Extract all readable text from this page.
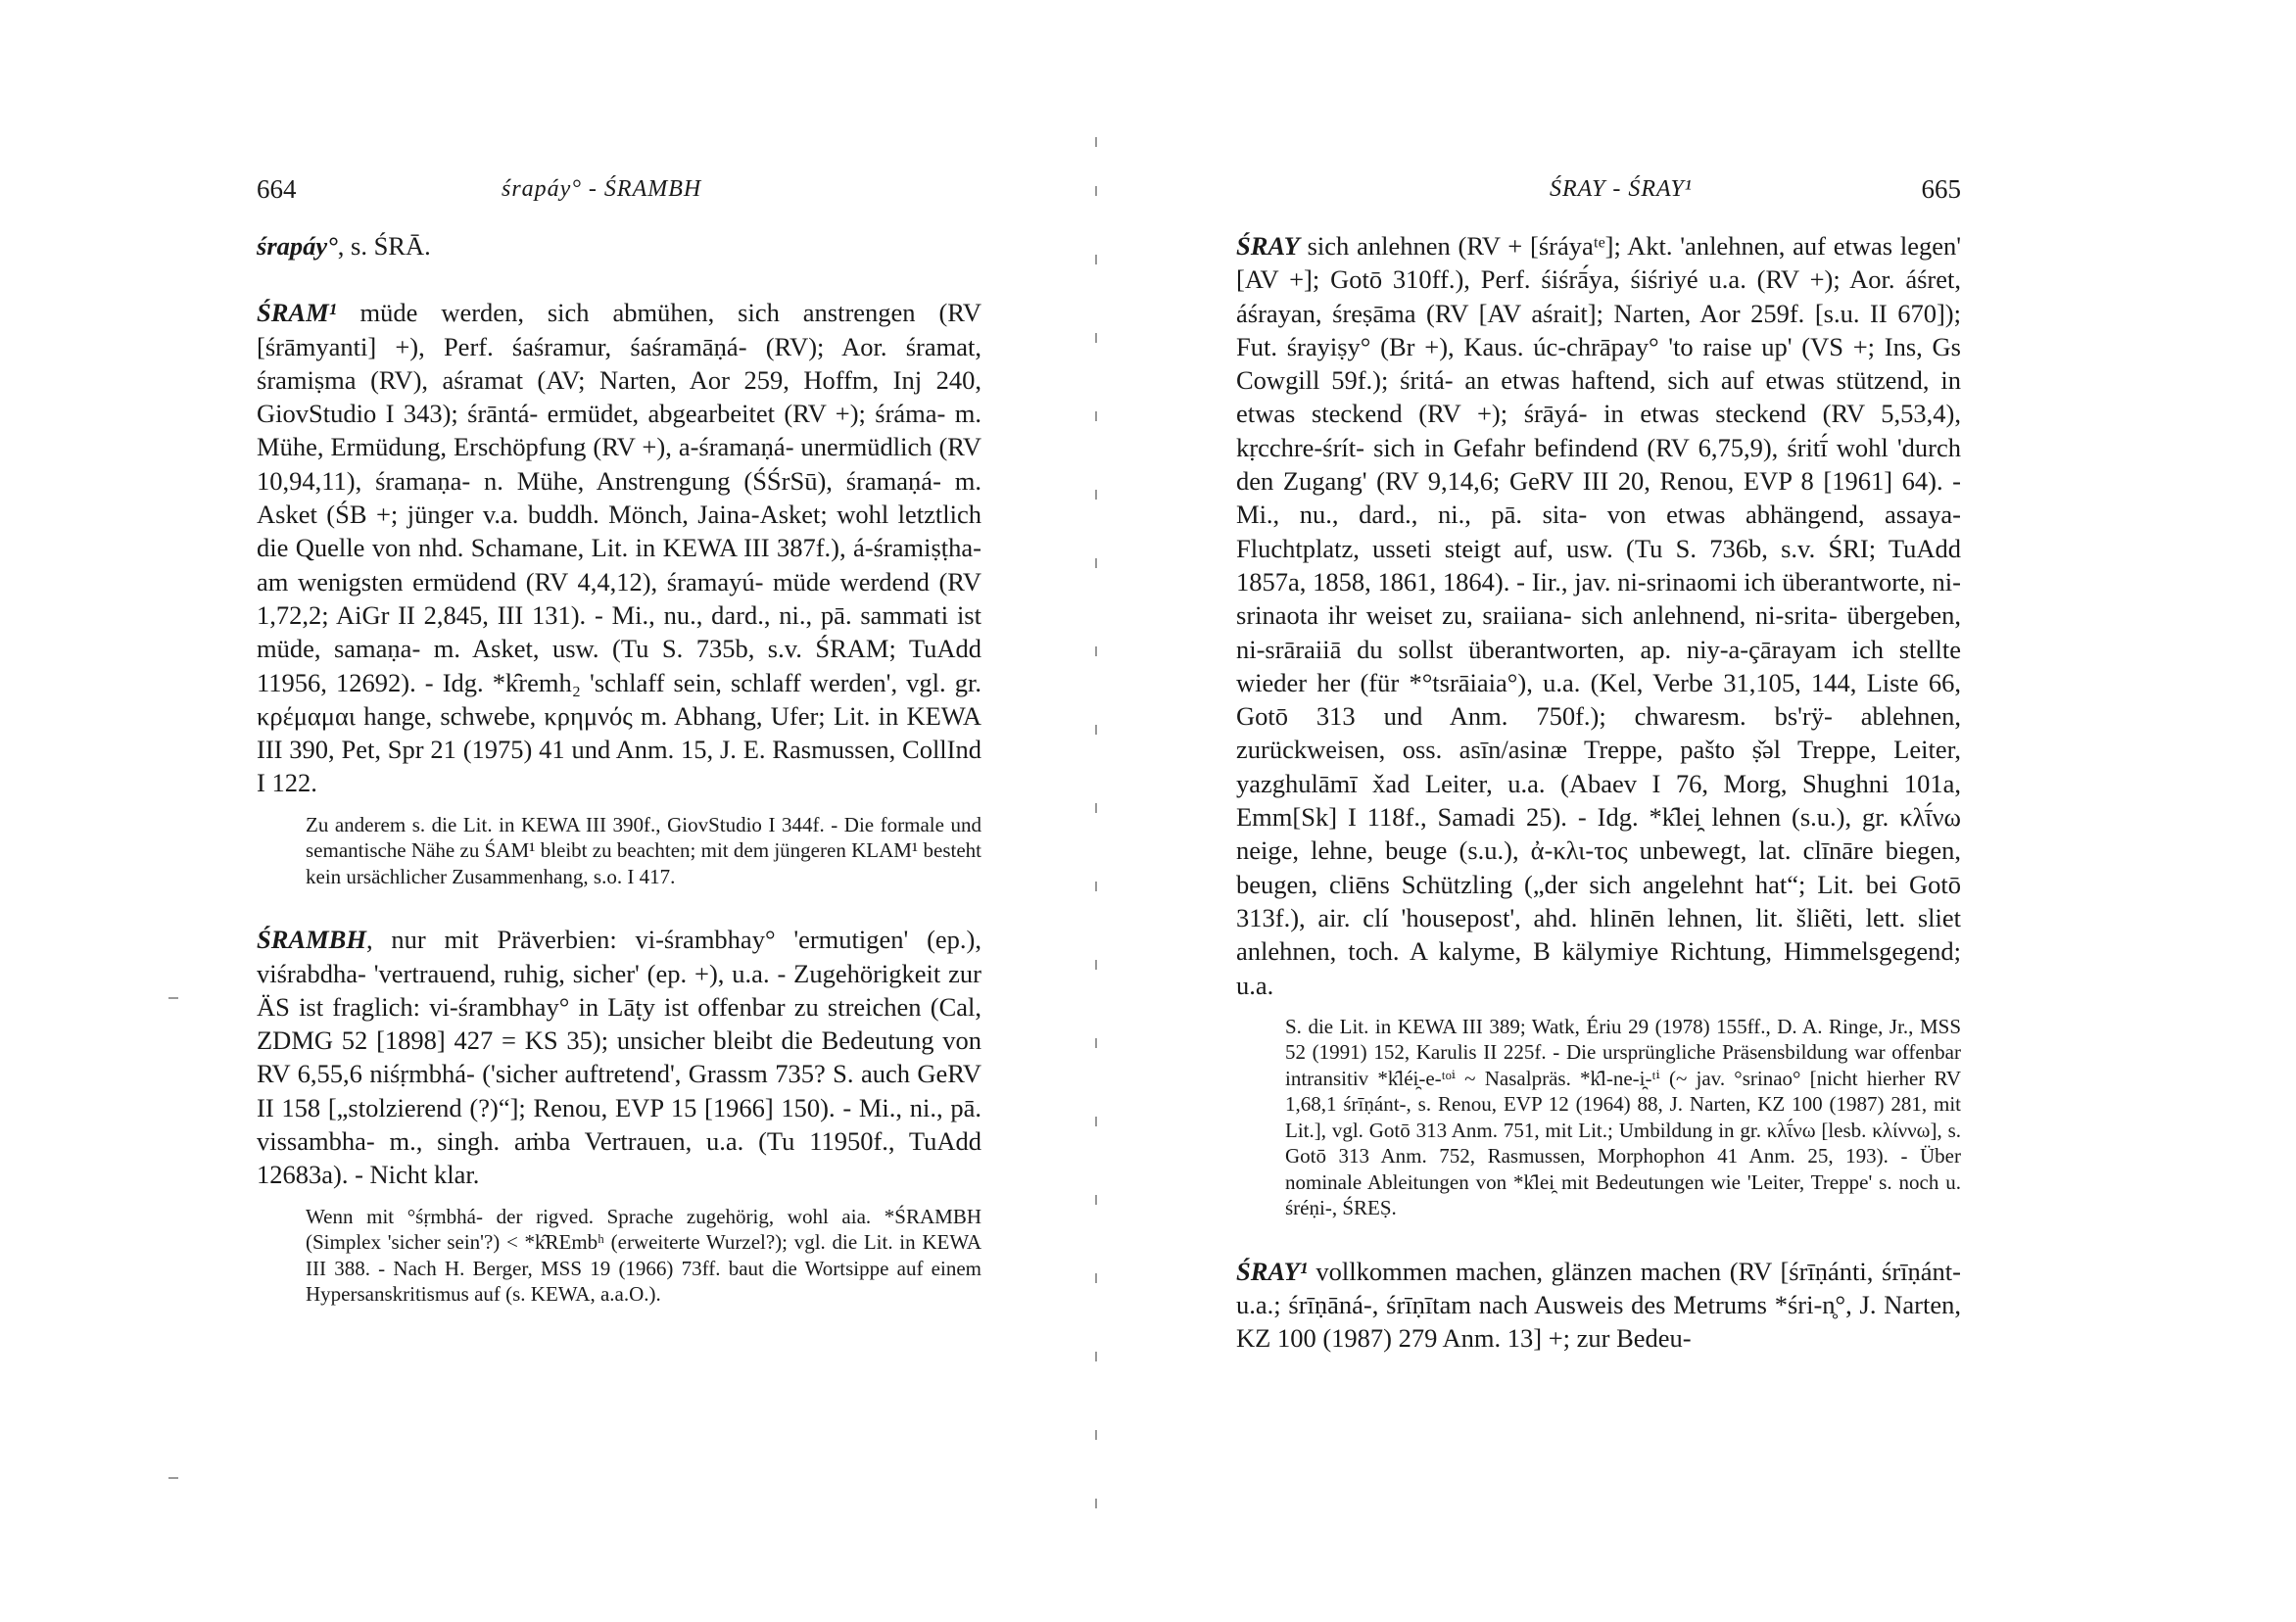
664	śrapáy° - ŚRAMBH

śrapáy°, s. ŚRĀ.

ŚRAM¹ müde werden, sich abmühen, sich anstrengen (RV [śrāmyanti] +), Perf. śaśramur, śaśramāṇá- (RV); Aor. śramat, śramiṣma (RV), aśramat (AV; Narten, Aor 259, Hoffm, Inj 240, GiovStudio I 343); śrāntá- ermüdet, abgearbeitet (RV +); śráma- m. Mühe, Ermüdung, Erschöpfung (RV +), a-śramaṇá- unermüdlich (RV 10,94,11), śramaṇa- n. Mühe, Anstrengung (ŚŚrSū), śramaṇá- m. Asket (ŚB +; jünger v.a. buddh. Mönch, Jaina-Asket; wohl letztlich die Quelle von nhd. Schamane, Lit. in KEWA III 387f.), á-śramiṣṭha- am wenigsten ermüdend (RV 4,4,12), śramayú- müde werdend (RV 1,72,2; AiGr II 2,845, III 131). - Mi., nu., dard., ni., pā. sammati ist müde, samaṇa- m. Asket, usw. (Tu S. 735b, s.v. ŚRAM; TuAdd 11956, 12692). - Idg. *k̑remh₂ 'schlaff sein, schlaff werden', vgl. gr. κρέμαμαι hange, schwebe, κρημνός m. Abhang, Ufer; Lit. in KEWA III 390, Pet, Spr 21 (1975) 41 und Anm. 15, J. E. Rasmussen, CollInd I 122.

Zu anderem s. die Lit. in KEWA III 390f., GiovStudio I 344f. - Die formale und semantische Nähe zu ŚAM¹ bleibt zu beachten; mit dem jüngeren KLAM¹ besteht kein ursächlicher Zusammenhang, s.o. I 417.

ŚRAMBH, nur mit Präverbien: vi-śrambhay° 'ermutigen' (ep.), viśrabdha- 'vertrauend, ruhig, sicher' (ep. +), u.a. - Zugehörigkeit zur ÄS ist fraglich: vi-śrambhay° in Lāṭy ist offenbar zu streichen (Cal, ZDMG 52 [1898] 427 = KS 35); unsicher bleibt die Bedeutung von RV 6,55,6 niśṛmbhá- ('sicher auftretend', Grassm 735? S. auch GeRV II 158 [„stolzierend (?)“]; Renou, EVP 15 [1966] 150). - Mi., ni., pā. vissambha- m., singh. aṁba Vertrauen, u.a. (Tu 11950f., TuAdd 12683a). - Nicht klar.

Wenn mit °śṛmbhá- der rigved. Sprache zugehörig, wohl aia. *ŚRAMBH (Simplex 'sicher sein'?) < *k̑REmbʰ (erweiterte Wurzel?); vgl. die Lit. in KEWA III 388. - Nach H. Berger, MSS 19 (1966) 73ff. baut die Wortsippe auf einem Hypersanskritismus auf (s. KEWA, a.a.O.).

ŚRAY - ŚRAY¹	665

ŚRAY sich anlehnen (RV + [śráyaᵗᵉ]; Akt. 'anlehnen, auf etwas legen' [AV +]; Gotō 310ff.), Perf. śiśrā́ya, śiśriyé u.a. (RV +); Aor. áśret, áśrayan, śreṣāma (RV [AV aśrait]; Narten, Aor 259f. [s.u. II 670]); Fut. śrayiṣy° (Br +), Kaus. úc-chrāpay° 'to raise up' (VS +; Ins, Gs Cowgill 59f.); śritá- an etwas haftend, sich auf etwas stützend, in etwas steckend (RV +); śrāyá- in etwas steckend (RV 5,53,4), kṛcchre-śrít- sich in Gefahr befindend (RV 6,75,9), śritī́ wohl 'durch den Zugang' (RV 9,14,6; GeRV III 20, Renou, EVP 8 [1961] 64). - Mi., nu., dard., ni., pā. sita- von etwas abhängend, assaya- Fluchtplatz, usseti steigt auf, usw. (Tu S. 736b, s.v. ŚRI; TuAdd 1857a, 1858, 1861, 1864). - Iir., jav. ni-srinaomi ich überantworte, ni-srinaota ihr weiset zu, sraiiana- sich anlehnend, ni-srita- übergeben, ni-srāraiiā du sollst überantworten, ap. niy-a-çārayam ich stellte wieder her (für *°tsrāiaia°), u.a. (Kel, Verbe 31,105, 144, Liste 66, Gotō 313 und Anm. 750f.); chwaresm. bs'rÿ- ablehnen, zurückweisen, oss. asīn/asinæ Treppe, pašto ṣ̌əl Treppe, Leiter, yazghulāmī x̌ad Leiter, u.a. (Abaev I 76, Morg, Shughni 101a, Emm[Sk] I 118f., Samadi 25). - Idg. *k̑lei̯ lehnen (s.u.), gr. κλῑ́νω neige, lehne, beuge (s.u.), ἀ-κλι-τος unbewegt, lat. clīnāre biegen, beugen, cliēns Schützling („der sich angelehnt hat“; Lit. bei Gotō 313f.), air. clí 'housepost', ahd. hlinēn lehnen, lit. šliẽti, lett. sliet anlehnen, toch. A kalyme, B kälymiye Richtung, Himmelsgegend; u.a.

S. die Lit. in KEWA III 389; Watk, Ériu 29 (1978) 155ff., D. A. Ringe, Jr., MSS 52 (1991) 152, Karulis II 225f. - Die ursprüngliche Präsensbildung war offenbar intransitiv *k̑léi̯-e-ᵗᵒⁱ ~ Nasalpräs. *k̑l-ne-i̯-ᵗⁱ (~ jav. °srinao° [nicht hierher RV 1,68,1 śrīṇánt-, s. Renou, EVP 12 (1964) 88, J. Narten, KZ 100 (1987) 281, mit Lit.], vgl. Gotō 313 Anm. 751, mit Lit.; Umbildung in gr. κλῑ́νω [lesb. κλίννω], s. Gotō 313 Anm. 752, Rasmussen, Morphophon 41 Anm. 25, 193). - Über nominale Ableitungen von *k̑lei̯ mit Bedeutungen wie 'Leiter, Treppe' s. noch u. śréṇi-, ŚREṢ.

ŚRAY¹ vollkommen machen, glänzen machen (RV [śrīṇánti, śrīṇánt- u.a.; śrīṇāná-, śrīṇītam nach Ausweis des Metrums *śri-n̥°, J. Narten, KZ 100 (1987) 279 Anm. 13] +; zur Bedeu-
